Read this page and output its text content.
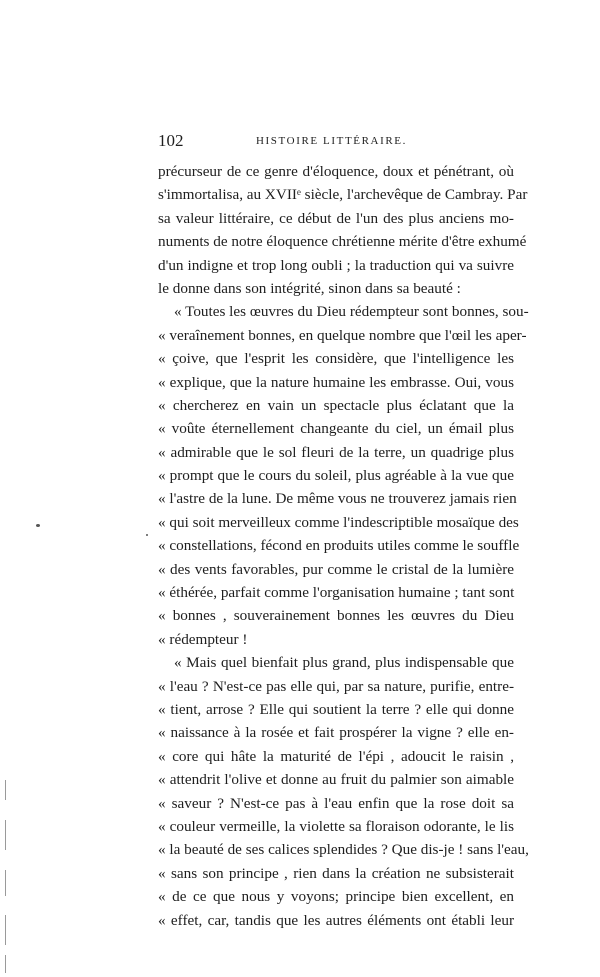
102	HISTOIRE LITTÉRAIRE.
précurseur de ce genre d'éloquence, doux et pénétrant, où
s'immortalisa, au XVIIᵉ siècle, l'archevêque de Cambray. Par
sa valeur littéraire, ce début de l'un des plus anciens mo-
numents de notre éloquence chrétienne mérite d'être exhumé
d'un indigne et trop long oubli ; la traduction qui va suivre
le donne dans son intégrité, sinon dans sa beauté :
« Toutes les œuvres du Dieu rédempteur sont bonnes, sou-
« veraînement bonnes, en quelque nombre que l'œil les aper-
« çoive, que l'esprit les considère, que l'intelligence les
« explique, que la nature humaine les embrasse. Oui, vous
« chercherez en vain un spectacle plus éclatant que la
« voûte éternellement changeante du ciel, un émail plus
« admirable que le sol fleuri de la terre, un quadrige plus
« prompt que le cours du soleil, plus agréable à la vue que
« l'astre de la lune. De même vous ne trouverez jamais rien
« qui soit merveilleux comme l'indescriptible mosaïque des
« constellations, fécond en produits utiles comme le souffle
« des vents favorables, pur comme le cristal de la lumière
« éthérée, parfait comme l'organisation humaine ; tant sont
« bonnes , souverainement bonnes les œuvres du Dieu
« rédempteur !
« Mais quel bienfait plus grand, plus indispensable que
« l'eau ? N'est-ce pas elle qui, par sa nature, purifie, entre-
« tient, arrose ? Elle qui soutient la terre ? elle qui donne
« naissance à la rosée et fait prospérer la vigne ? elle en-
« core qui hâte la maturité de l'épi , adoucit le raisin ,
« attendrit l'olive et donne au fruit du palmier son aimable
« saveur ? N'est-ce pas à l'eau enfin que la rose doit sa
« couleur vermeille, la violette sa floraison odorante, le lis
« la beauté de ses calices splendides ? Que dis-je ! sans l'eau,
« sans son principe , rien dans la création ne subsisterait
« de ce que nous y voyons; principe bien excellent, en
« effet, car, tandis que les autres éléments ont établi leur
